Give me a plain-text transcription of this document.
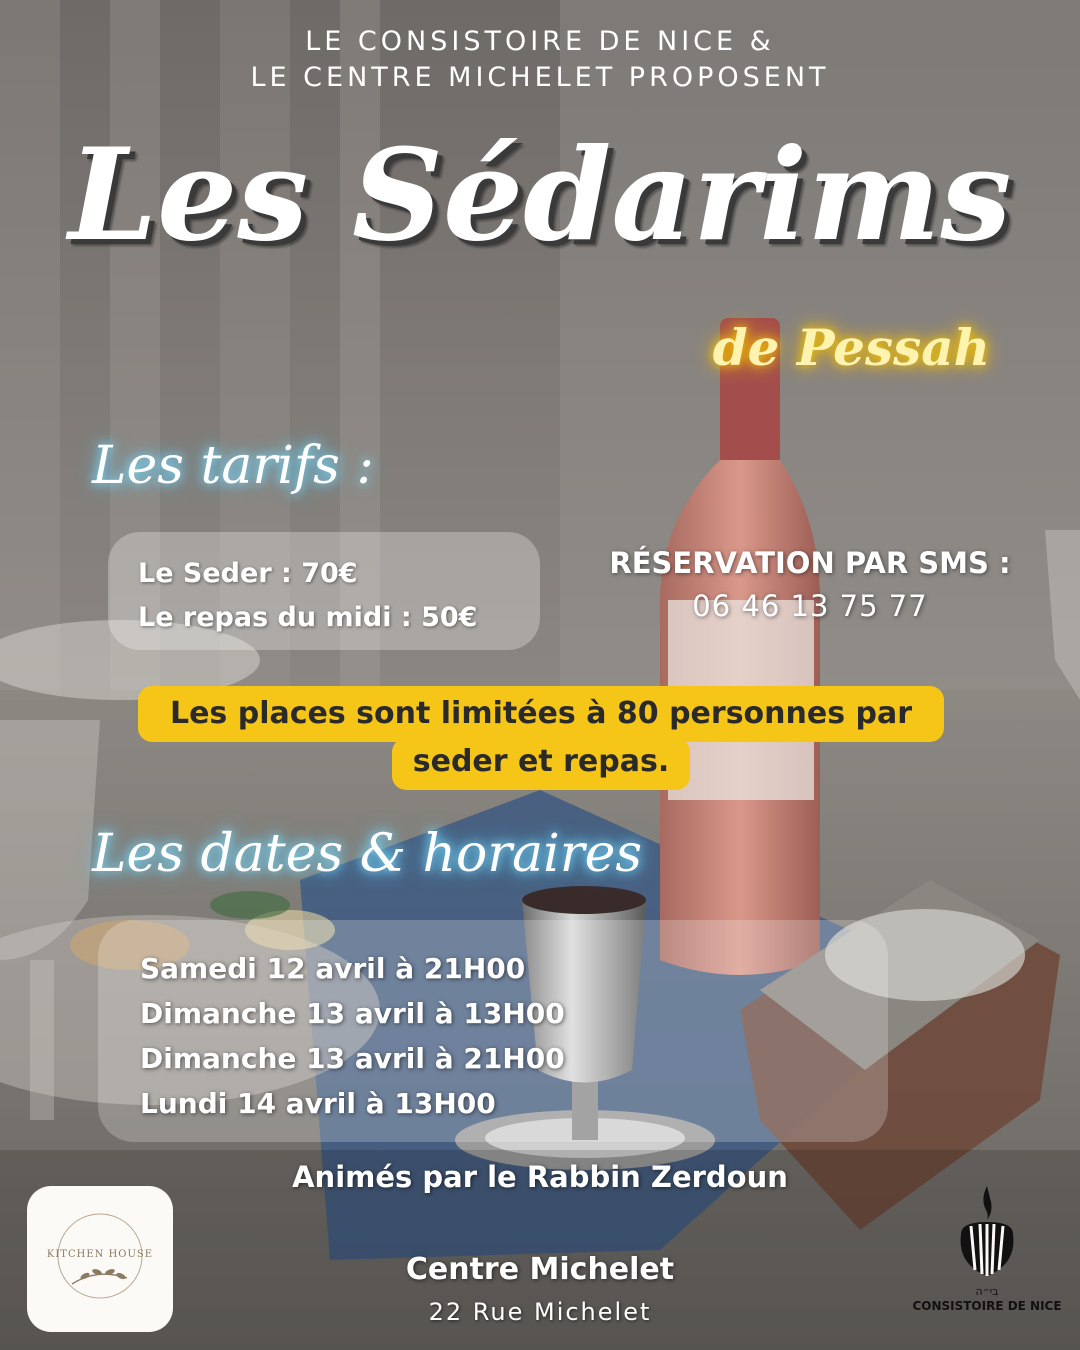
LE CONSISTOIRE DE NICE &
LE CENTRE MICHELET PROPOSENT
Les Sédarims
de Pessah
Les tarifs :
Le Seder : 70€
Le repas du midi : 50€
RÉSERVATION PAR SMS :
06 46 13 75 77
Les places sont limitées à 80 personnes par
seder et repas.
Les dates & horaires
Samedi 12 avril à 21H00
Dimanche 13 avril à 13H00
Dimanche 13 avril à 21H00
Lundi 14 avril à 13H00
Animés par le Rabbin Zerdoun
Centre Michelet
22 Rue Michelet
KITCHEN HOUSE
בי״ה
CONSISTOIRE DE NICE
